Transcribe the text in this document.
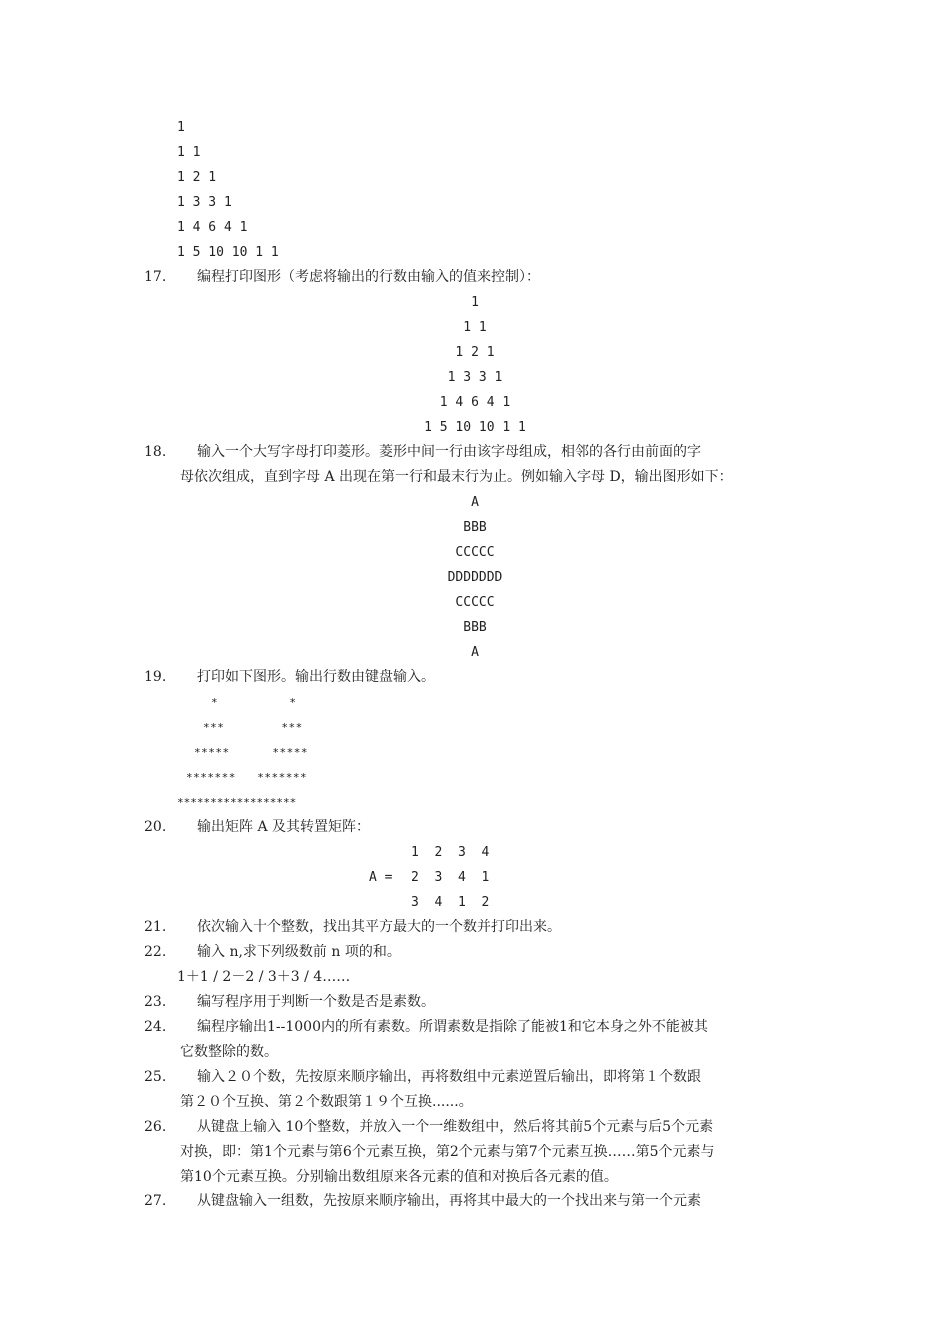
1
1 1
1 2 1
1 3 3 1
1 4 6 4 1
1 5 10 10 1 1
17. 编程打印图形（考虑将输出的行数由输入的值来控制）：
1
1 1
1 2 1
1 3 3 1
1 4 6 4 1
1 5 10 10 1 1
18. 输入一个大写字母打印菱形。菱形中间一行由该字母组成，相邻的各行由前面的字
母依次组成，直到字母 A 出现在第一行和最末行为止。例如输入字母 D，输出图形如下：
A
BBB
CCCCC
DDDDDDD
CCCCC
BBB
A
19. 打印如下图形。输出行数由键盘输入。
*          *
***        ***
*****      *****
*******   *******
******************
20. 输出矩阵 A 及其转置矩阵：
1  2  3  4
A = 2  3  4  1
3  4  1  2
21. 依次输入十个整数，找出其平方最大的一个数并打印出来。
22. 输入 n,求下列级数前 n 项的和。
1＋1 / 2－2 / 3＋3 / 4……
23. 编写程序用于判断一个数是否是素数。
24. 编程序输出1--1000内的所有素数。所谓素数是指除了能被1和它本身之外不能被其
它数整除的数。
25. 输入２０个数，先按原来顺序输出，再将数组中元素逆置后输出，即将第１个数跟
第２０个互换、第２个数跟第１９个互换......。
26. 从键盘上输入 10个整数，并放入一个一维数组中，然后将其前5个元素与后5个元素
对换，即：第1个元素与第6个元素互换，第2个元素与第7个元素互换……第5个元素与
第10个元素互换。分别输出数组原来各元素的值和对换后各元素的值。
27. 从键盘输入一组数，先按原来顺序输出，再将其中最大的一个找出来与第一个元素
